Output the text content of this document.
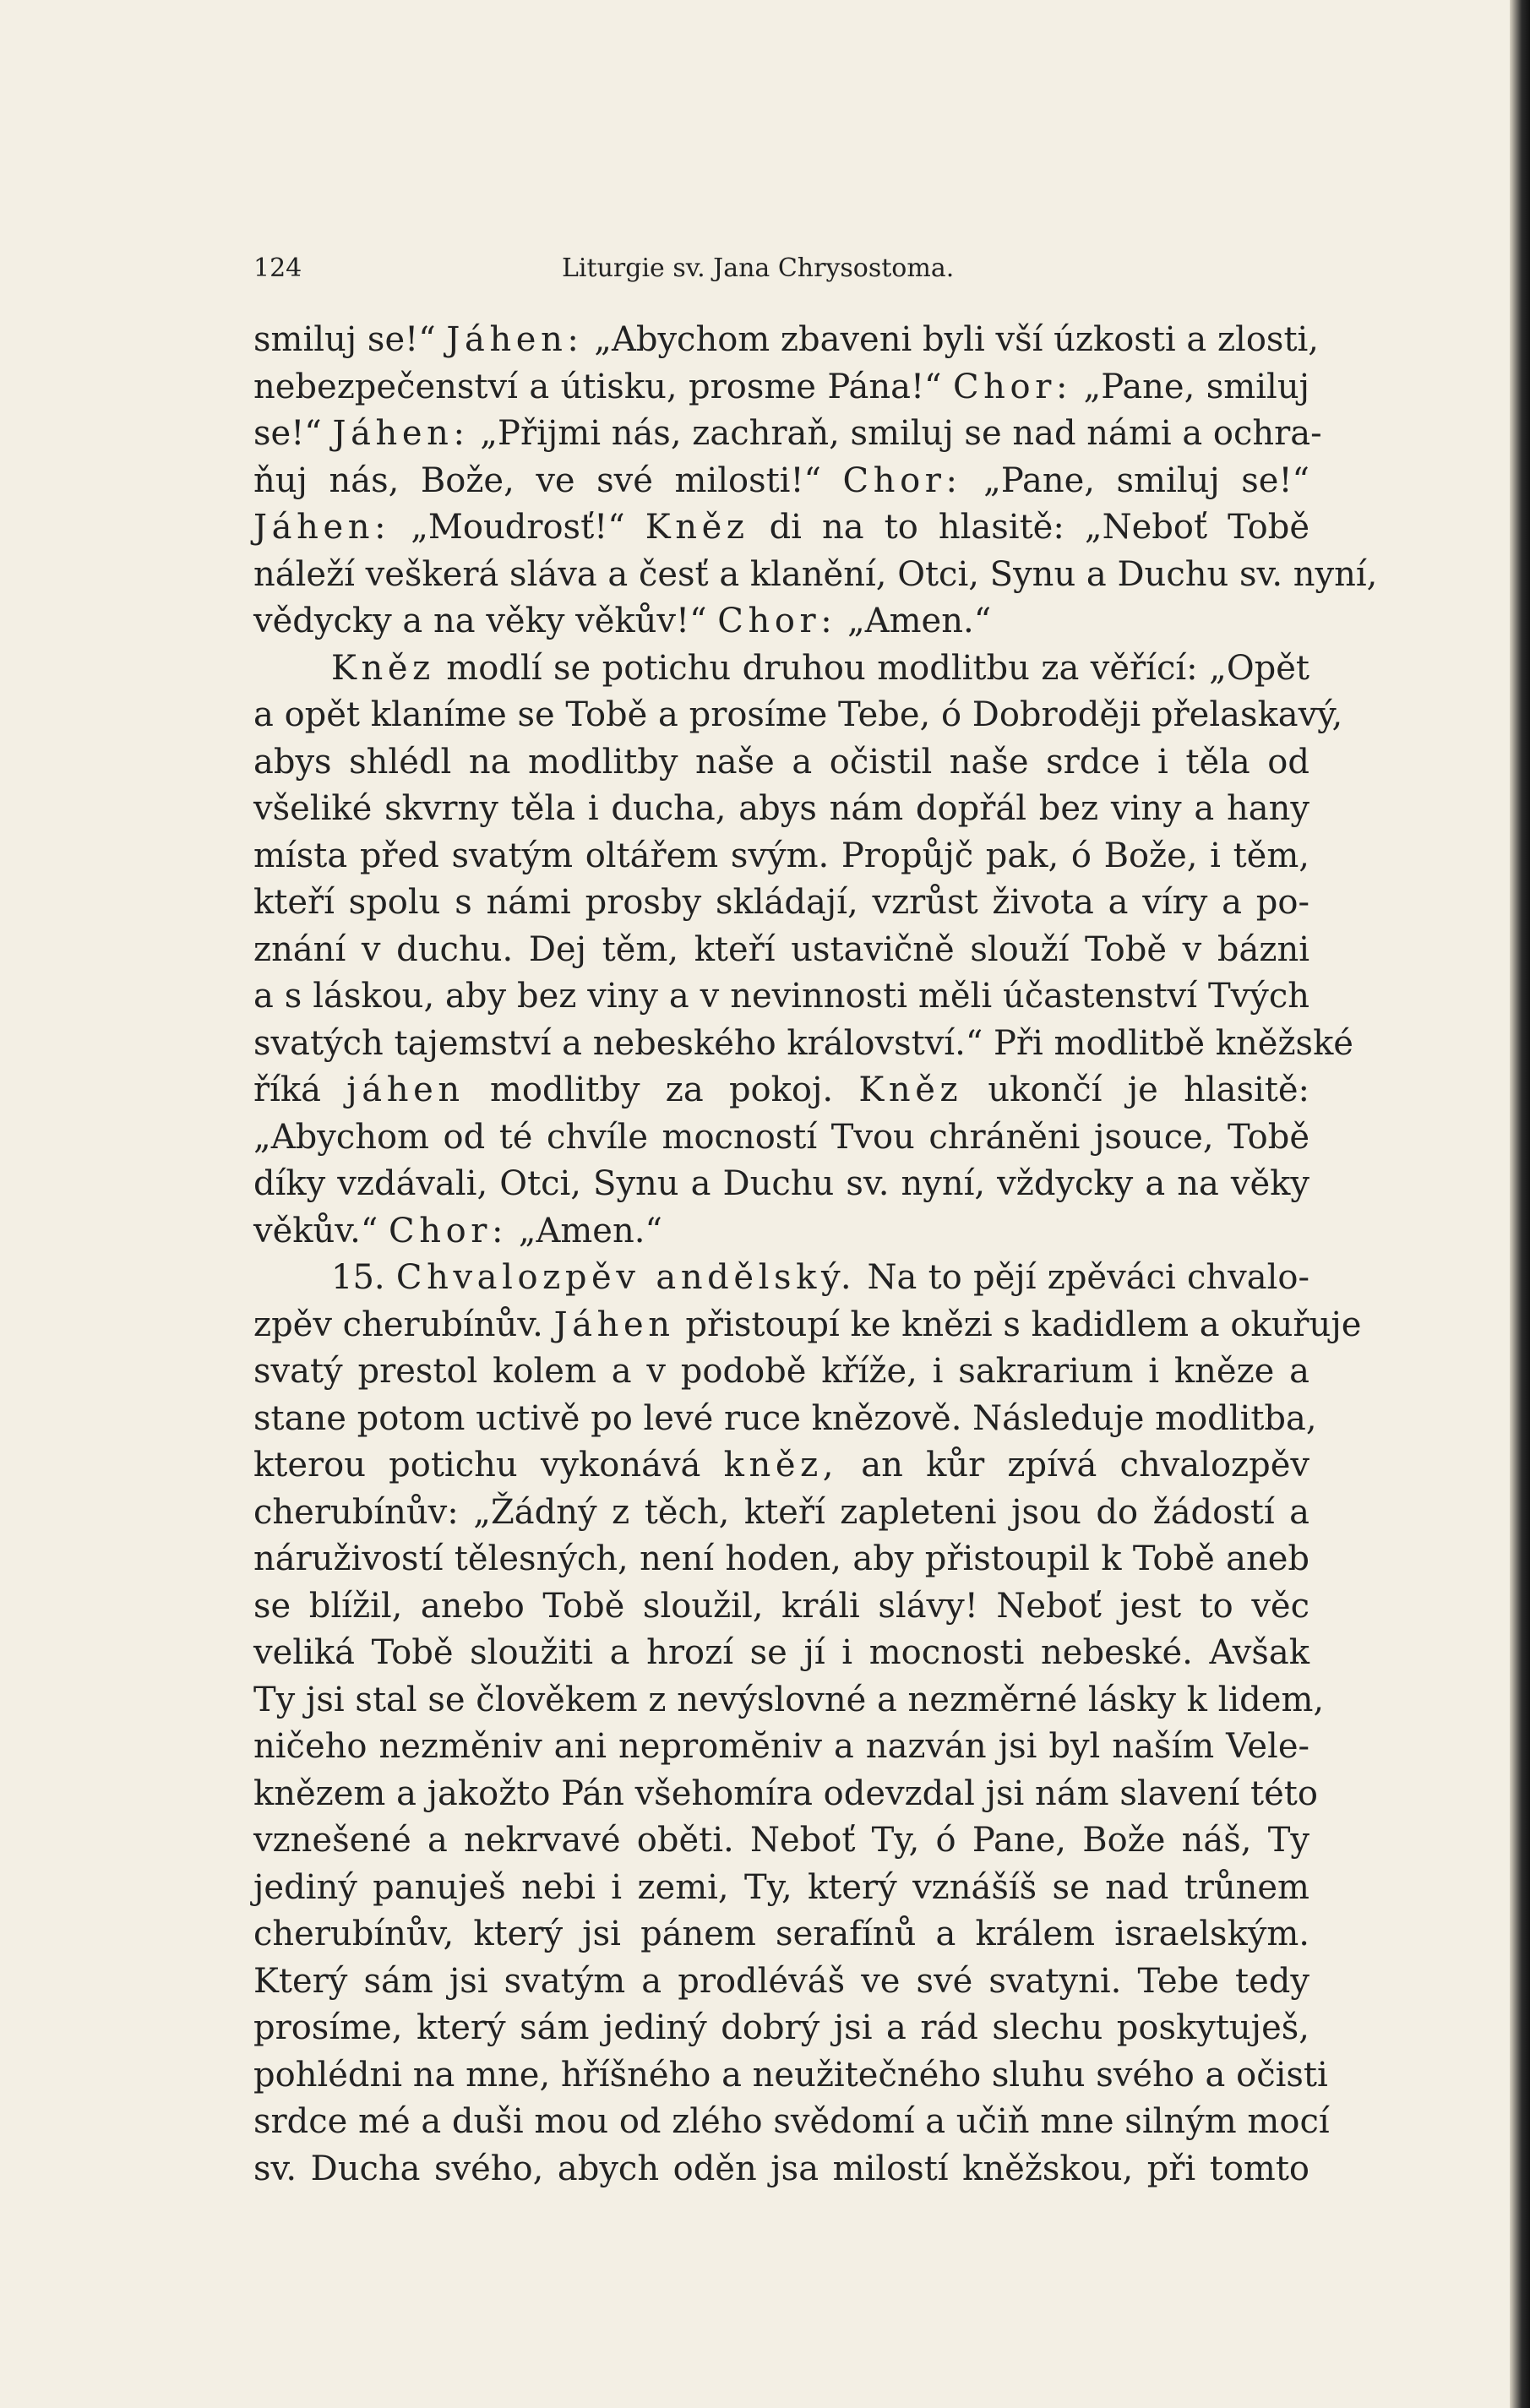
124	Liturgie sv. Jana Chrysostoma.
smiluj se!“ Jáhen: „Abychom zbaveni byli vší úzkosti a zlosti,
nebezpečenství a útisku, prosme Pána!“ Chor: „Pane, smiluj
se!“ Jáhen: „Přijmi nás, zachraň, smiluj se nad námi a ochra-
ňuj nás, Bože, ve své milosti!“ Chor: „Pane, smiluj se!“
Jáhen: „Moudrosť!“ Kněz di na to hlasitě: „Neboť Tobě
náleží veškerá sláva a česť a klanění, Otci, Synu a Duchu sv. nyní,
vědycky a na věky věkův!“ Chor: „Amen.“
Kněz modlí se potichu druhou modlitbu za věřící: „Opět
a opět klaníme se Tobě a prosíme Tebe, ó Dobroději přelaskavý,
abys shlédl na modlitby naše a očistil naše srdce i těla od
všeliké skvrny těla i ducha, abys nám dopřál bez viny a hany
místa před svatým oltářem svým. Propůjč pak, ó Bože, i těm,
kteří spolu s námi prosby skládají, vzrůst života a víry a po-
znání v duchu. Dej těm, kteří ustavičně slouží Tobě v bázni
a s láskou, aby bez viny a v nevinnosti měli účastenství Tvých
svatých tajemství a nebeského království.“ Při modlitbě kněžské
říká jáhen modlitby za pokoj. Kněz ukončí je hlasitě:
„Abychom od té chvíle mocností Tvou chráněni jsouce, Tobě
díky vzdávali, Otci, Synu a Duchu sv. nyní, vždycky a na věky
věkův.“ Chor: „Amen.“
15. Chvalozpěv andělský. Na to pějí zpěváci chvalo-
zpěv cherubínův. Jáhen přistoupí ke knězi s kadidlem a okuřuje
svatý prestol kolem a v podobě kříže, i sakrarium i kněze a
stane potom uctivě po levé ruce knězově. Následuje modlitba,
kterou potichu vykonává kněz, an kůr zpívá chvalozpěv
cherubínův: „Žádný z těch, kteří zapleteni jsou do žádostí a
náruživostí tělesných, není hoden, aby přistoupil k Tobě aneb
se blížil, anebo Tobě sloužil, králi slávy! Neboť jest to věc
veliká Tobě sloužiti a hrozí se jí i mocnosti nebeské. Avšak
Ty jsi stal se člověkem z nevýslovné a nezměrné lásky k lidem,
ničeho nezměniv ani nepromĕniv a nazván jsi byl naším Vele-
knězem a jakožto Pán všehomíra odevzdal jsi nám slavení této
vznešené a nekrvavé oběti. Neboť Ty, ó Pane, Bože náš, Ty
jediný panuješ nebi i zemi, Ty, který vznášíš se nad trůnem
cherubínův, který jsi pánem serafínů a králem israelským.
Který sám jsi svatým a prodléváš ve své svatyni. Tebe tedy
prosíme, který sám jediný dobrý jsi a rád slechu poskytuješ,
pohlédni na mne, hříšného a neužitečného sluhu svého a očisti
srdce mé a duši mou od zlého svědomí a učiň mne silným mocí
sv. Ducha svého, abych oděn jsa milostí kněžskou, při tomto
